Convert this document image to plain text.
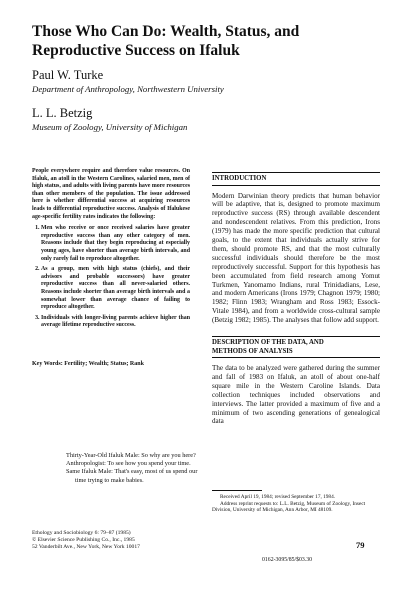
Those Who Can Do: Wealth, Status, and
Reproductive Success on Ifaluk
Paul W. Turke
Department of Anthropology, Northwestern University
L. L. Betzig
Museum of Zoology, University of Michigan

People everywhere require and therefore value resources. On Ifaluk, an atoll in the Western Carolines, salaried men, men of high status, and adults with living parents have more resources than other members of the population. The issue addressed here is whether differential success at acquiring resources leads to differential reproductive success. Analysis of Ifalukese age-specific fertility rates indicates the following:

1. Men who receive or once received salaries have greater reproductive success than any other category of men. Reasons include that they begin reproducing at especially young ages, have shorter than average birth intervals, and only rarely fail to reproduce altogether.
2. As a group, men with high status (chiefs), and their advisors and probable successors) have greater reproductive success than all never-salaried others. Reasons include shorter than average birth intervals and a somewhat lower than average chance of failing to reproduce altogether.
3. Individuals with longer-living parents achieve higher than average lifetime reproductive success.
Key Words: Fertility; Wealth; Status; Rank
Thirty-Year-Old Ifaluk Male: So why are you here?
Anthropologist: To see how you spend your time.
Same Ifaluk Male: That's easy, most of us spend our time trying to make babies.
Ethology and Sociobiology 6: 79–87 (1985)
© Elsevier Science Publishing Co., Inc., 1985
52 Vanderbilt Ave., New York, New York 10017
INTRODUCTION
Modern Darwinian theory predicts that human behavior will be adaptive, that is, designed to promote maximum reproductive success (RS) through available descendent and nondescendent relatives. From this prediction, Irons (1979) has made the more specific prediction that cultural goals, to the extent that individuals actually strive for them, should promote RS, and that the most culturally successful individuals should therefore be the most reproductively successful. Support for this hypothesis has been accumulated from field research among Yomut Turkmen, Yanomamo Indians, rural Trinidadians, Lese, and modern Americans (Irons 1979; Chagnon 1979; 1980; 1982; Flinn 1983; Wrangham and Ross 1983; Essock-Vitale 1984), and from a worldwide cross-cultural sample (Betzig 1982; 1985). The analyses that follow add support.
DESCRIPTION OF THE DATA, AND
METHODS OF ANALYSIS
The data to be analyzed were gathered during the summer and fall of 1983 on Ifaluk, an atoll of about one-half square mile in the Western Caroline Islands. Data collection techniques included observations and interviews. The latter provided a maximum of five and a minimum of two ascending generations of genealogical data
Received April 19, 1984; revised September 17, 1984.
Address reprint requests to: L.L. Betzig, Museum of Zoology, Insect Division, University of Michigan, Ann Arbor, MI 48109.
79
0162-3095/85/$03.30
